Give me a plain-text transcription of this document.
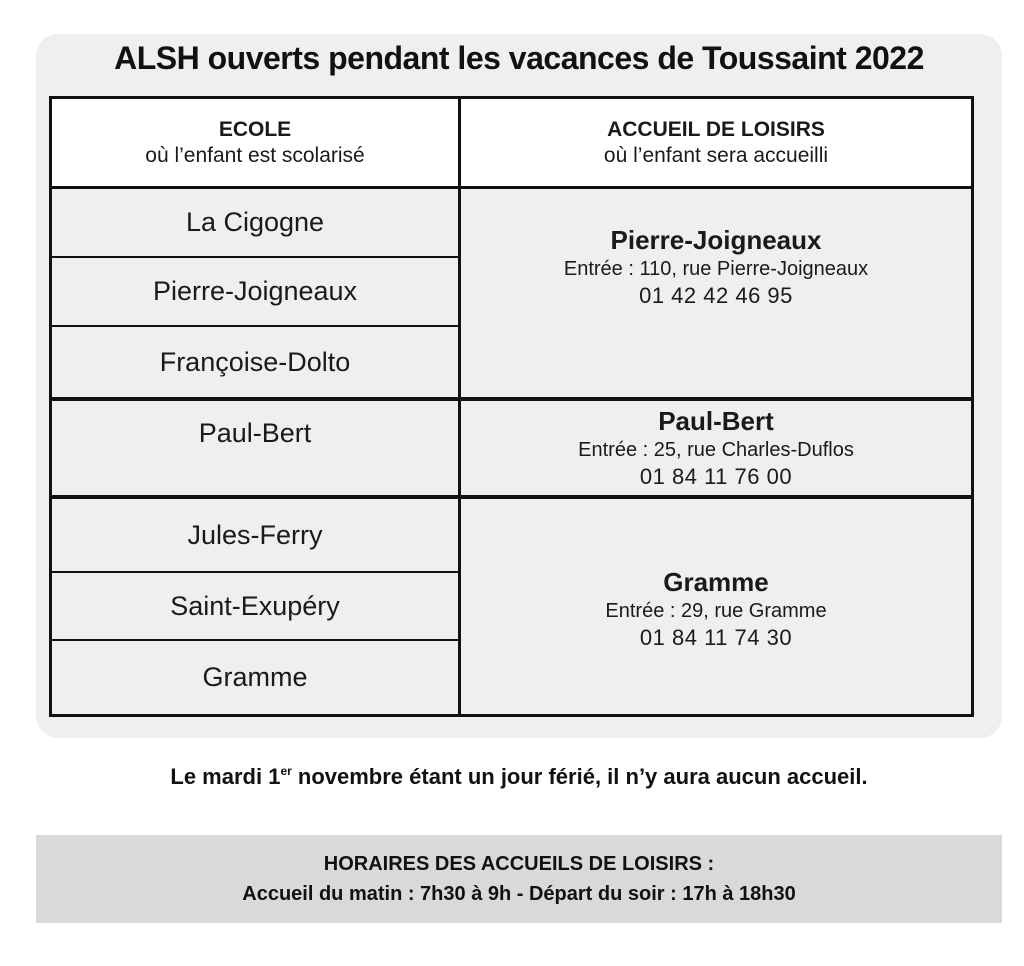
ALSH ouverts pendant les vacances de Toussaint 2022
ECOLE
où l’enfant est scolarisé
ACCUEIL DE LOISIRS
où l’enfant sera accueilli
La Cigogne
Pierre-Joigneaux
Françoise-Dolto
Pierre-Joigneaux
Entrée : 110, rue Pierre-Joigneaux
01 42 42 46 95
Paul-Bert	Paul-Bert
Entrée : 25, rue Charles-Duflos
01 84 11 76 00
Jules-Ferry
Saint-Exupéry
Gramme
Gramme
Entrée : 29, rue Gramme
01 84 11 74 30
Le mardi 1er novembre étant un jour férié, il n’y aura aucun accueil.
HORAIRES DES ACCUEILS DE LOISIRS :
Accueil du matin : 7h30 à 9h - Départ du soir : 17h à 18h30
